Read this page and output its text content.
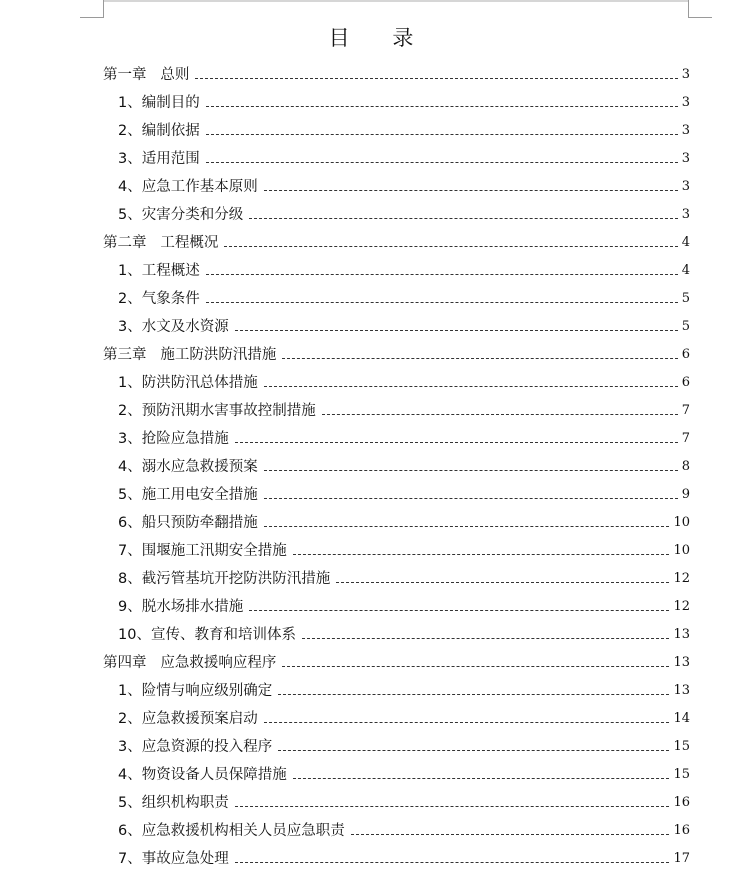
目 录
第一章   总则	3
1、编制目的	3
2、编制依据	3
3、适用范围	3
4、应急工作基本原则	3
5、灾害分类和分级	3
第二章   工程概况	4
1、工程概述	4
2、气象条件	5
3、水文及水资源	5
第三章   施工防洪防汛措施	6
1、防洪防汛总体措施	6
2、预防汛期水害事故控制措施	7
3、抢险应急措施	7
4、溺水应急救援预案	8
5、施工用电安全措施	9
6、船只预防牵翻措施	10
7、围堰施工汛期安全措施	10
8、截污管基坑开挖防洪防汛措施	12
9、脱水场排水措施	12
10、宣传、教育和培训体系	13
第四章   应急救援响应程序	13
1、险情与响应级别确定	13
2、应急救援预案启动	14
3、应急资源的投入程序	15
4、物资设备人员保障措施	15
5、组织机构职责	16
6、应急救援机构相关人员应急职责	16
7、事故应急处理	17
